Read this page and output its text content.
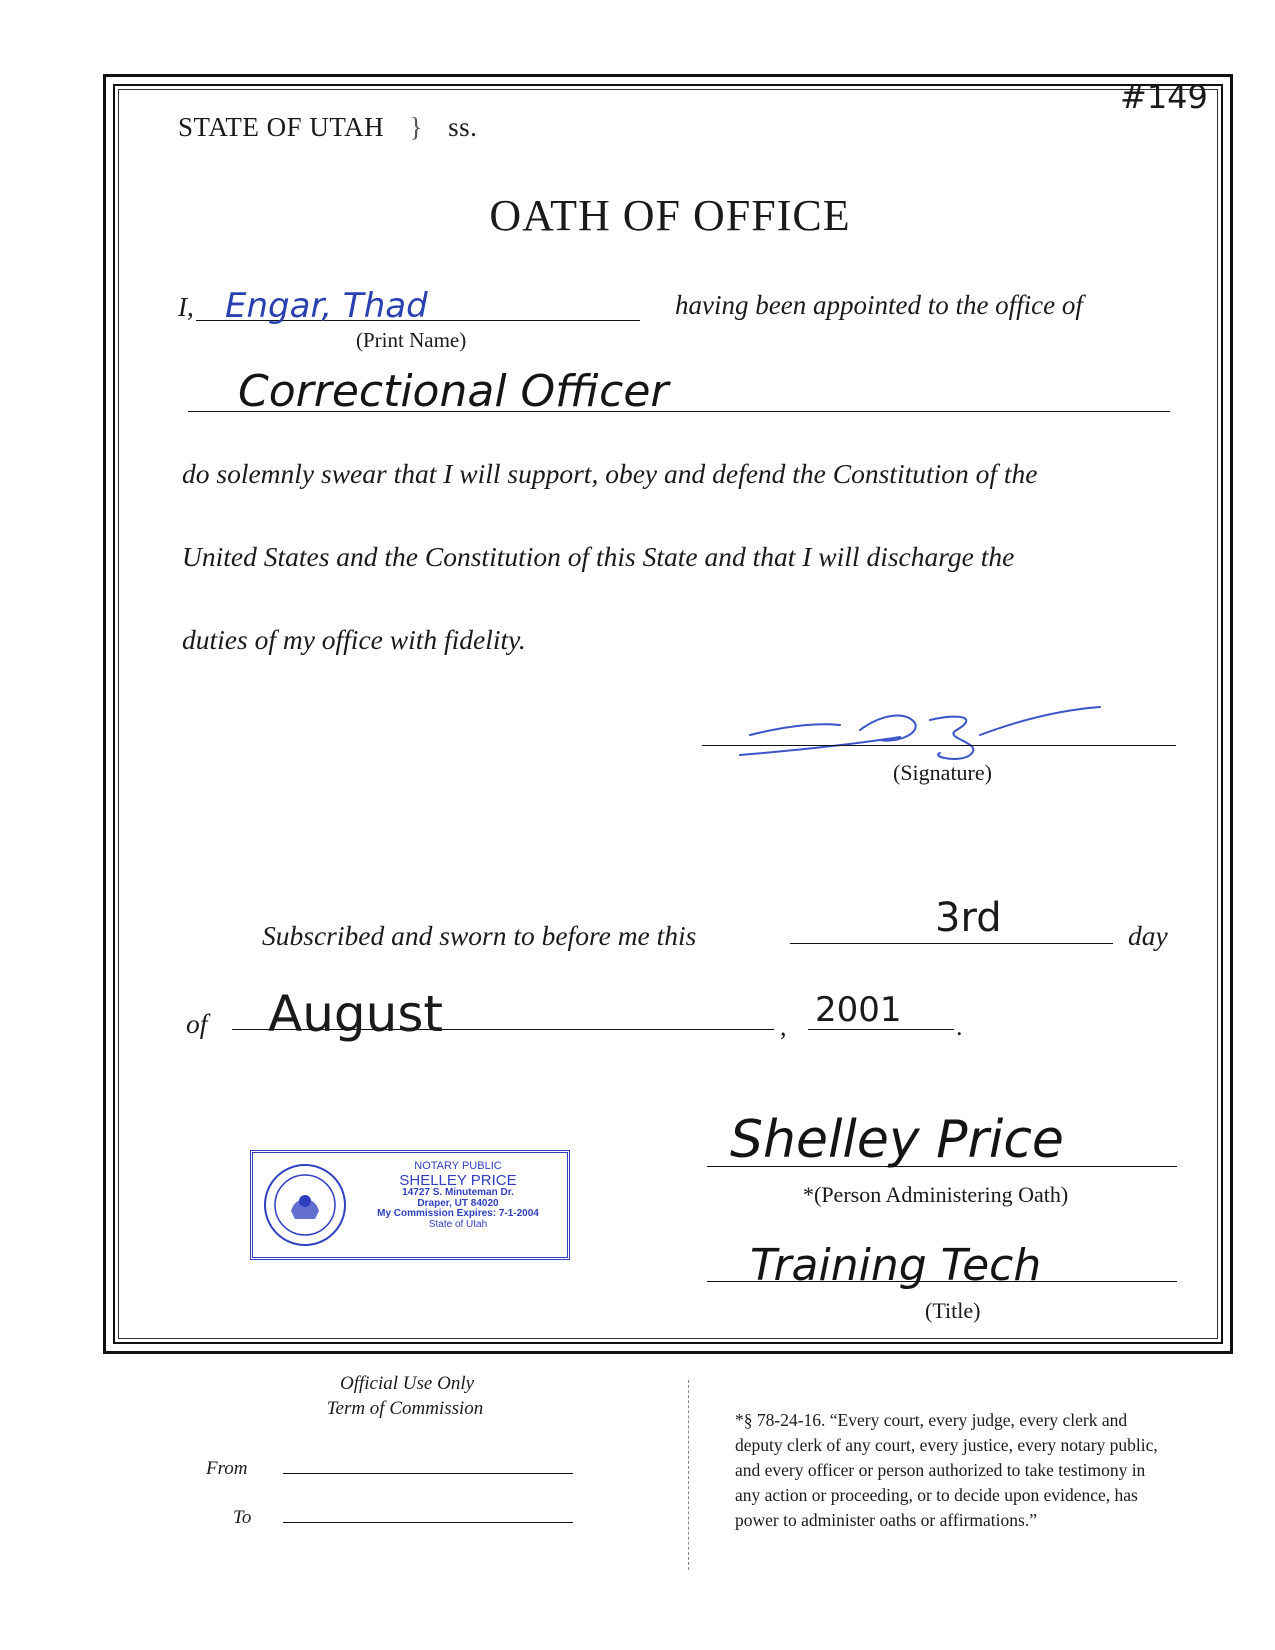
#149
STATE OF UTAH } ss.
OATH OF OFFICE
I, Engar, Thad
(Print Name)
having been appointed to the office of
Correctional Officer
do solemnly swear that I will support, obey and defend the Constitution of the
United States and the Constitution of this State and that I will discharge the
duties of my office with fidelity.
(Signature)
Subscribed and sworn to before me this	3rd	day
of August	, 2001 .
NOTARY PUBLIC
SHELLEY PRICE
14727 S. Minuteman Dr.
Draper, UT 84020
My Commission Expires: 7-1-2004
State of Utah
Shelley Price
*(Person Administering Oath)
Training Tech
(Title)
Official Use Only
Term of Commission
From
To
*§ 78-24-16. “Every court, every judge, every clerk and
deputy clerk of any court, every justice, every notary public,
and every officer or person authorized to take testimony in
any action or proceeding, or to decide upon evidence, has
power to administer oaths or affirmations.”
